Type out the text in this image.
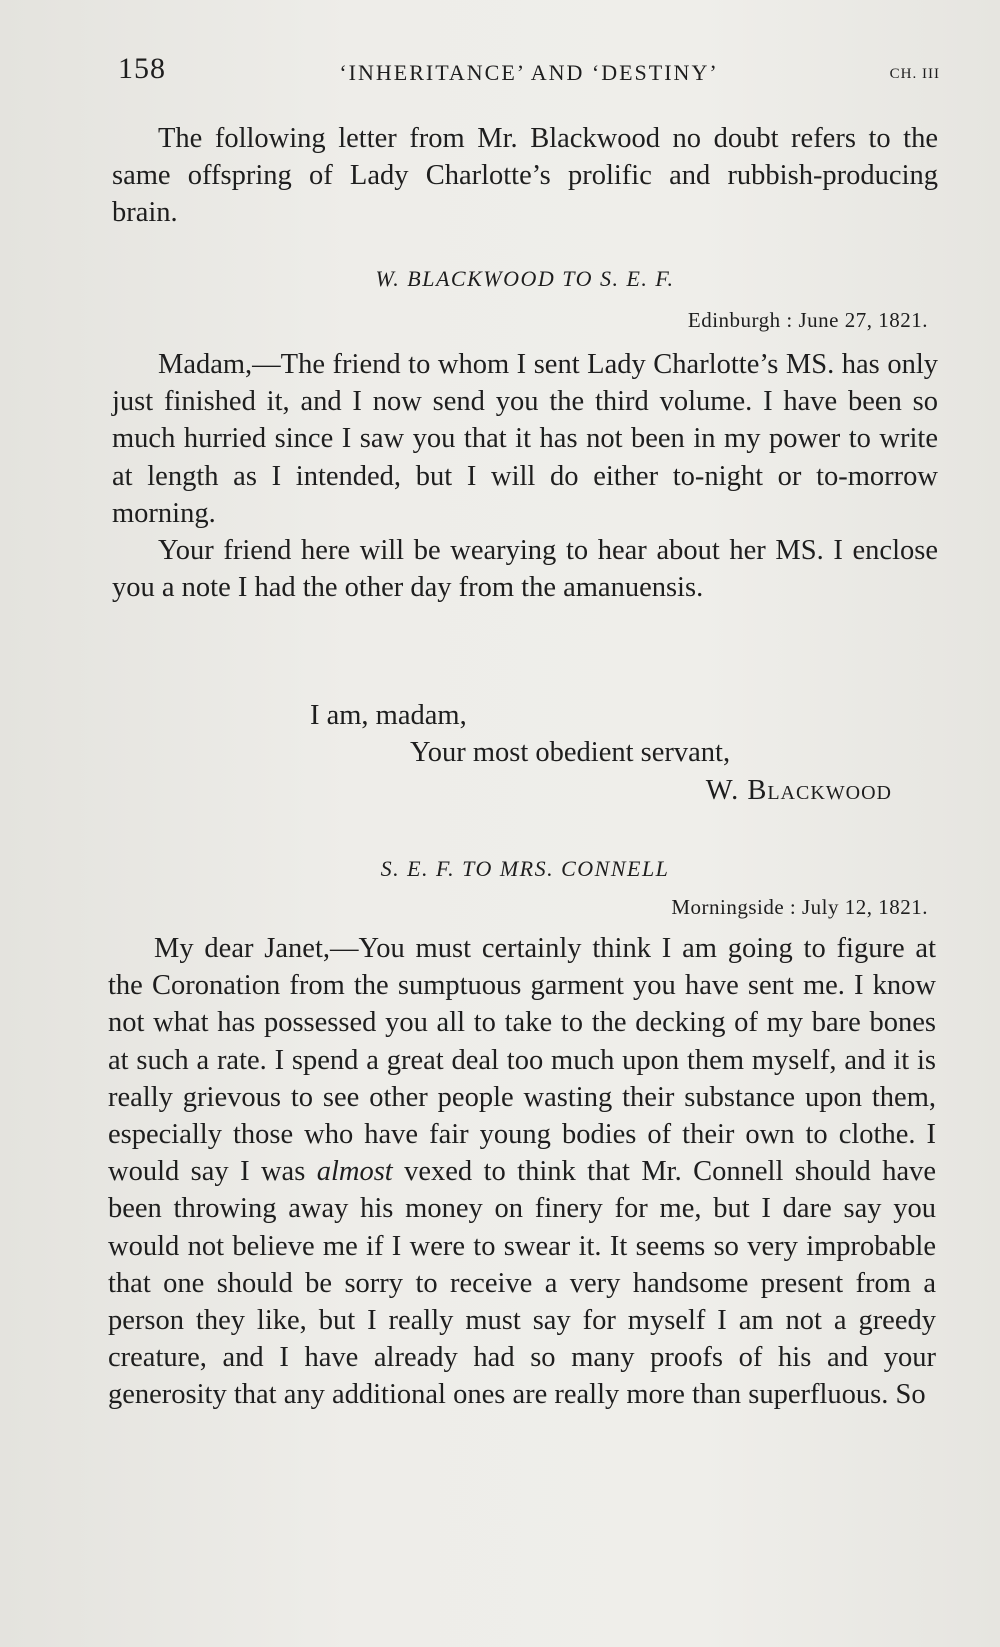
158	‘INHERITANCE’ AND ‘DESTINY’	CH. III

The following letter from Mr. Blackwood no doubt refers to the same offspring of Lady Charlotte’s prolific and rubbish-producing brain.

W. BLACKWOOD TO S. E. F.
Edinburgh : June 27, 1821.

Madam,—The friend to whom I sent Lady Charlotte’s MS. has only just finished it, and I now send you the third volume. I have been so much hurried since I saw you that it has not been in my power to write at length as I intended, but I will do either to-night or to-morrow morning.

Your friend here will be wearying to hear about her MS. I enclose you a note I had the other day from the amanuensis.

I am, madam,
Your most obedient servant,
W. Blackwood
S. E. F. TO MRS. CONNELL
Morningside : July 12, 1821.

My dear Janet,—You must certainly think I am going to figure at the Coronation from the sumptuous garment you have sent me. I know not what has possessed you all to take to the decking of my bare bones at such a rate. I spend a great deal too much upon them myself, and it is really grievous to see other people wasting their substance upon them, especially those who have fair young bodies of their own to clothe. I would say I was almost vexed to think that Mr. Connell should have been throwing away his money on finery for me, but I dare say you would not believe me if I were to swear it. It seems so very improbable that one should be sorry to receive a very handsome present from a person they like, but I really must say for myself I am not a greedy creature, and I have already had so many proofs of his and your generosity that any additional ones are really more than superfluous. So
